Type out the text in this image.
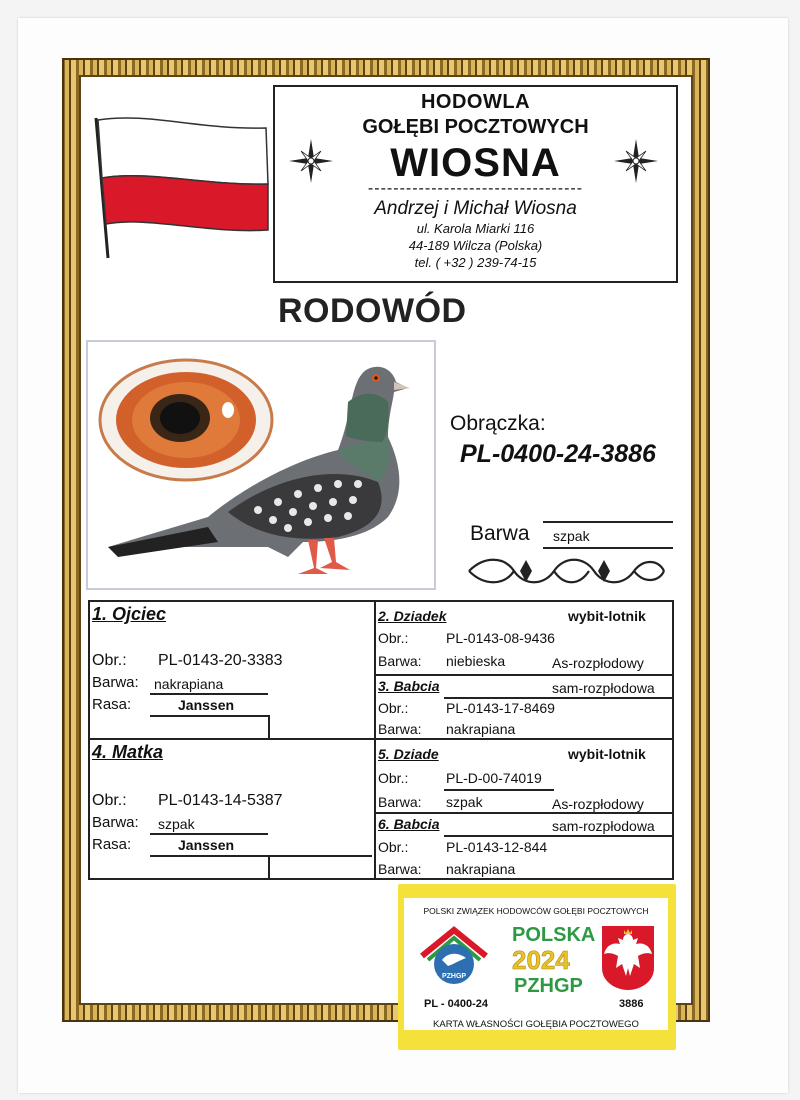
HODOWLA
GOŁĘBI POCZTOWYCH
WIOSNA
----------------------------------
Andrzej i Michał Wiosna
ul. Karola Miarki 116
44-189 Wilcza (Polska)
tel. ( +32 ) 239-74-15
RODOWÓD
Obrączka:
PL-0400-24-3886
Barwa szpak
1. Ojciec
Obr.: PL-0143-20-3383
Barwa: nakrapiana
Rasa:	Janssen
4. Matka
Obr.: PL-0143-14-5387
Barwa: szpak
Rasa:	Janssen
2. Dziadek	wybit-lotnik
Obr.:	PL-0143-08-9436
Barwa: niebieska	As-rozpłodowy
3. Babcia	sam-rozpłodowa
Obr.:	PL-0143-17-8469
Barwa: nakrapiana
5. Dziade	wybit-lotnik
Obr.:	PL-D-00-74019
Barwa: szpak	As-rozpłodowy
6. Babcia	sam-rozpłodowa
Obr.:	PL-0143-12-844
Barwa: nakrapiana
POLSKI ZWIĄZEK HODOWCÓW GOŁĘBI POCZTOWYCH
PZHGP
POLSKA
2024
PZHGP
PL - 0400-24	3886
KARTA WŁASNOŚCI GOŁĘBIA POCZTOWEGO
